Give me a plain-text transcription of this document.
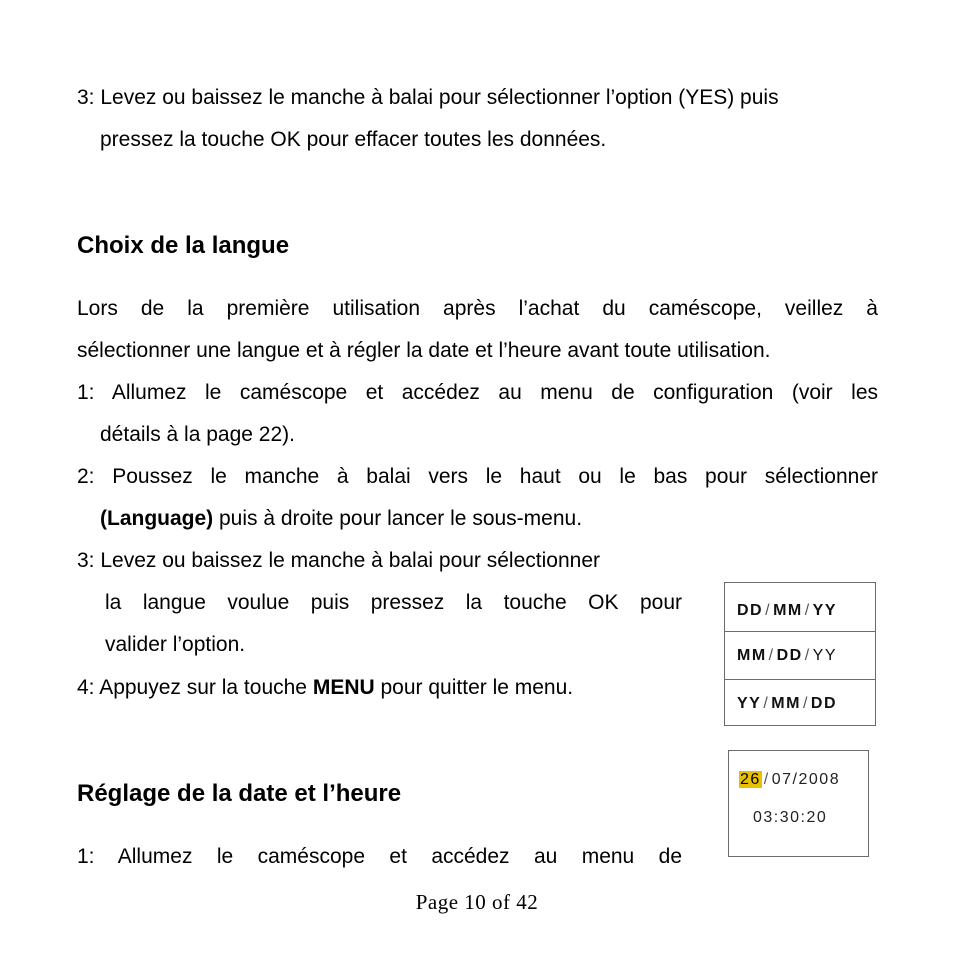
3: Levez ou baissez le manche à balai pour sélectionner l’option (YES) puis
pressez la touche OK pour effacer toutes les données.
Choix de la langue
Lors de la première utilisation après l’achat du caméscope, veillez à
sélectionner une langue et à régler la date et l’heure avant toute utilisation.
1: Allumez le caméscope et accédez au menu de configuration (voir les
détails à la page 22).
2: Poussez le manche à balai vers le haut ou le bas pour sélectionner
(Language) puis à droite pour lancer le sous-menu.
3: Levez ou baissez le manche à balai pour sélectionner
la langue voulue puis pressez la touche OK pour
valider l’option.
4: Appuyez sur la touche MENU pour quitter le menu.
DD / MM / YY
MM / DD / YY
YY / MM / DD
26 / 07/2008
03:30:20
Réglage de la date et l’heure
1: Allumez le caméscope et accédez au menu de
Page 10 of 42
